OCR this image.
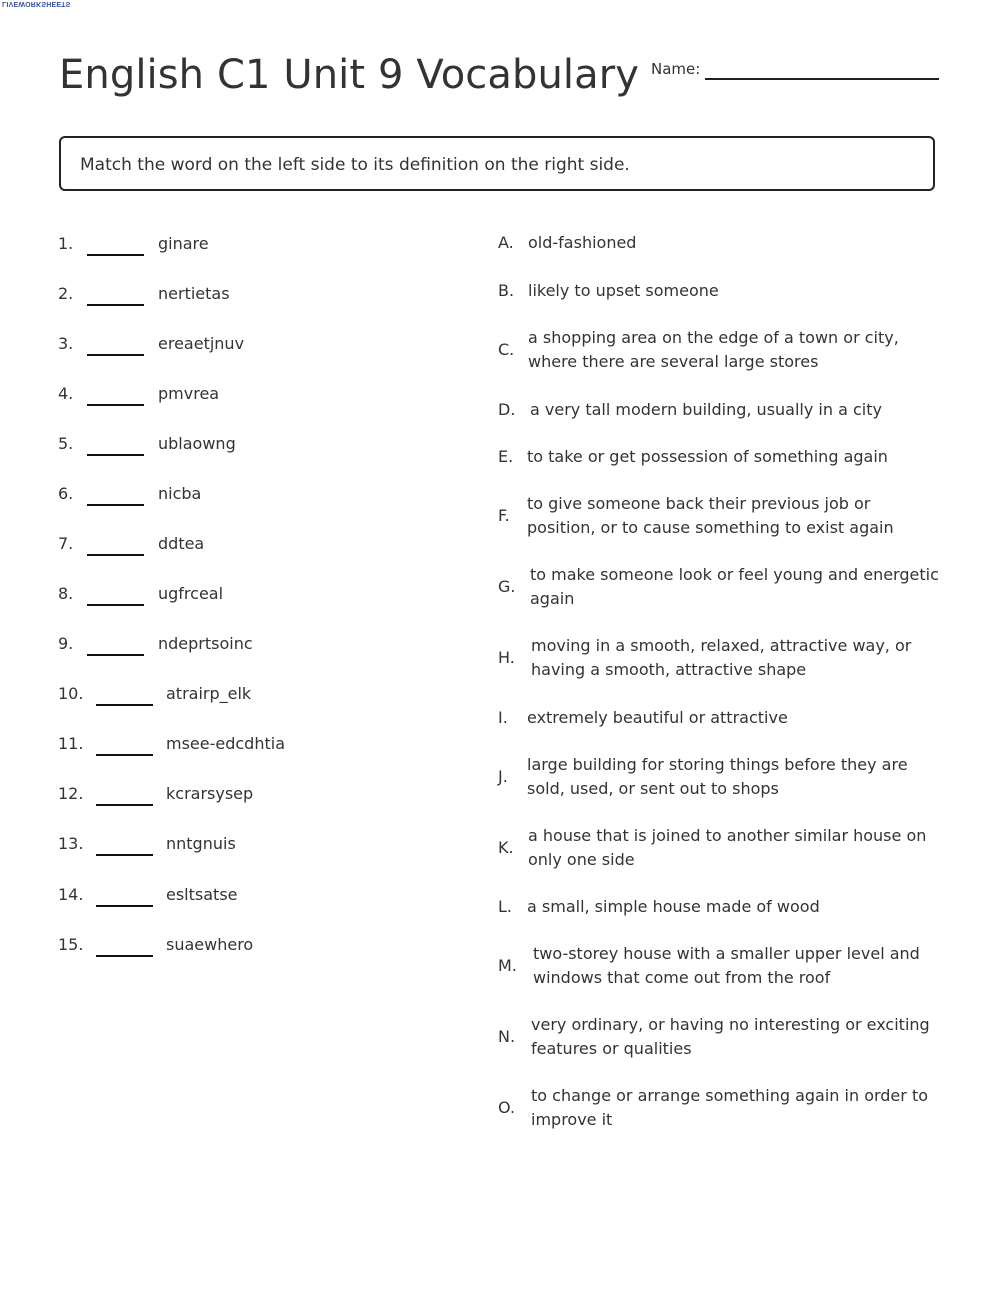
LIVEWORKSHEETS
English C1 Unit 9 Vocabulary Name:
Match the word on the left side to its definition on the right side.
1.	ginare
2.	nertietas
3.	ereaetjnuv
4.	pmvrea
5.	ublaowng
6.	nicba
7.	ddtea
8.	ugfrceal
9.	ndeprtsoinc
10.	atrairp_elk
11.	msee-edcdhtia
12.	kcrarsysep
13.	nntgnuis
14.	esltsatse
15.	suaewhero
A. old-fashioned
B. likely to upset someone
C.
a shopping area on the edge of a town or city, where there are several large stores
D. a very tall modern building, usually in a city
E. to take or get possession of something again
F.
to give someone back their previous job or position, or to cause something to exist again
G.
to make someone look or feel young and energetic again
H.
moving in a smooth, relaxed, attractive way, or having a smooth, attractive shape
I. extremely beautiful or attractive
J.
large building for storing things before they are sold, used, or sent out to shops
K.
a house that is joined to another similar house on only one side
L. a small, simple house made of wood
M.
two-storey house with a smaller upper level and windows that come out from the roof
N.
very ordinary, or having no interesting or exciting features or qualities
O.
to change or arrange something again in order to improve it
